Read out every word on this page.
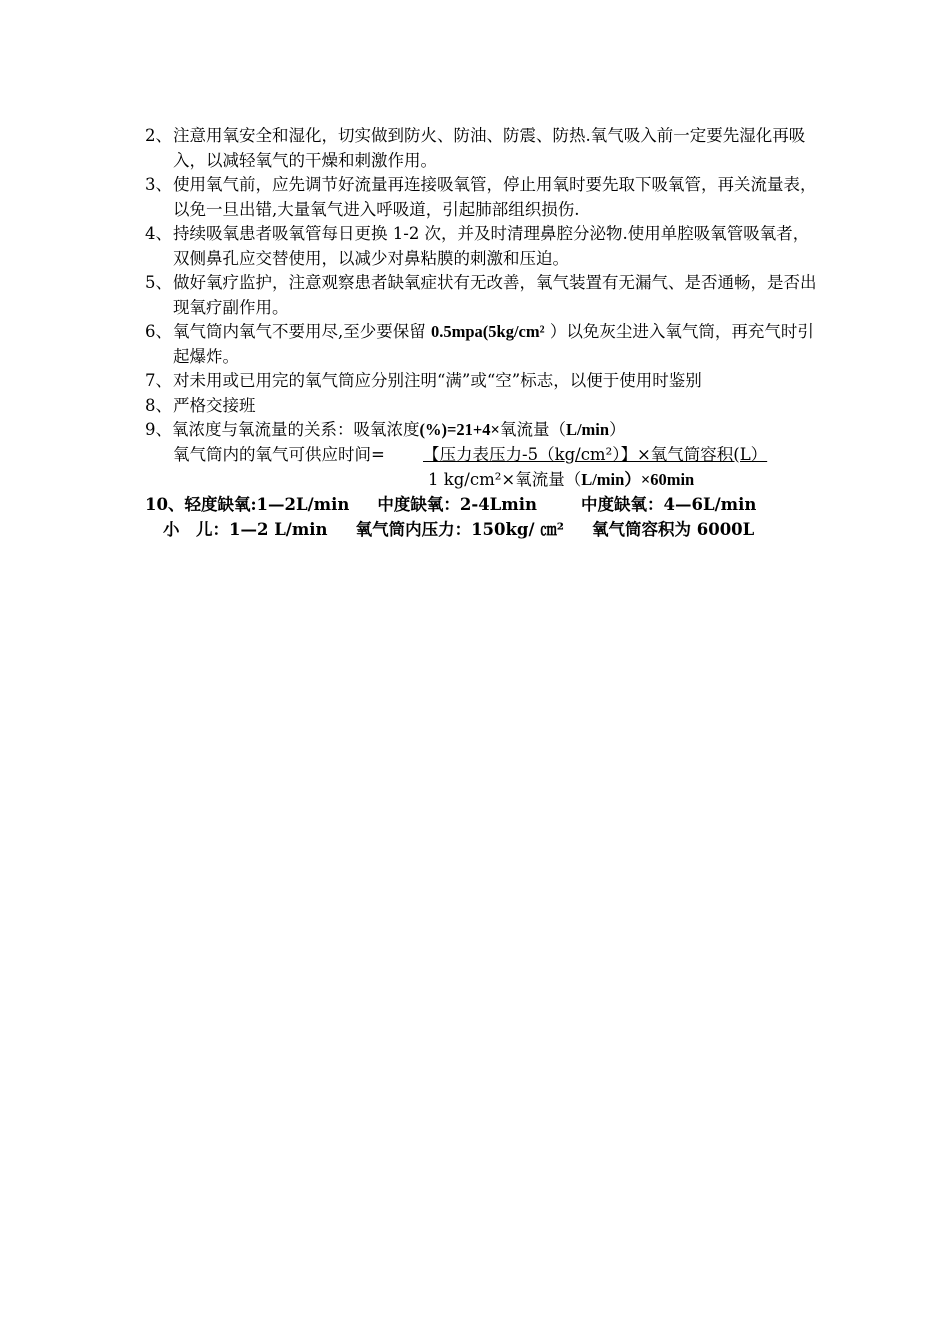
2 、	注意用氧安全和湿化，切实做到防火、防油、防震、防热.氧气吸入前一定要先湿化再吸入，以减轻氧气的干燥和刺激作用。
3 、	使用氧气前，应先调节好流量再连接吸氧管，停止用氧时要先取下吸氧管，再关流量表，以免一旦出错,大量氧气进入呼吸道，引起肺部组织损伤.
4 、	持续吸氧患者吸氧管每日更换 1-2 次，并及时清理鼻腔分泌物.使用单腔吸氧管吸氧者，双侧鼻孔应交替使用，以减少对鼻粘膜的刺激和压迫。
5 、	做好氧疗监护，注意观察患者缺氧症状有无改善，氧气装置有无漏气、是否通畅，是否出现氧疗副作用。
6 、	氧气筒内氧气不要用尽,至少要保留 0.5mpa(5kg/cm² ）以免灰尘进入氧气筒，再充气时引起爆炸。
7 、	对未用或已用完的氧气筒应分别注明“满”或“空”标志，以便于使用时鉴别
8 、	严格交接班
9、氧浓度与氧流量的关系：吸氧浓度(%)=21+4×氧流量（L/min）
氧气筒内的氧气可供应时间= 【压力表压力-5（kg/cm²）】×氧气筒容积(L）
1 kg/cm²×氧流量（L/min）×60min
10、轻度缺氧:1—2L/min 中度缺氧：2-4Lmin	中度缺氧：4—6L/min
小　儿：1—2 L/min 氧气筒内压力：150kg/ ㎝² 氧气筒容积为 6000L
